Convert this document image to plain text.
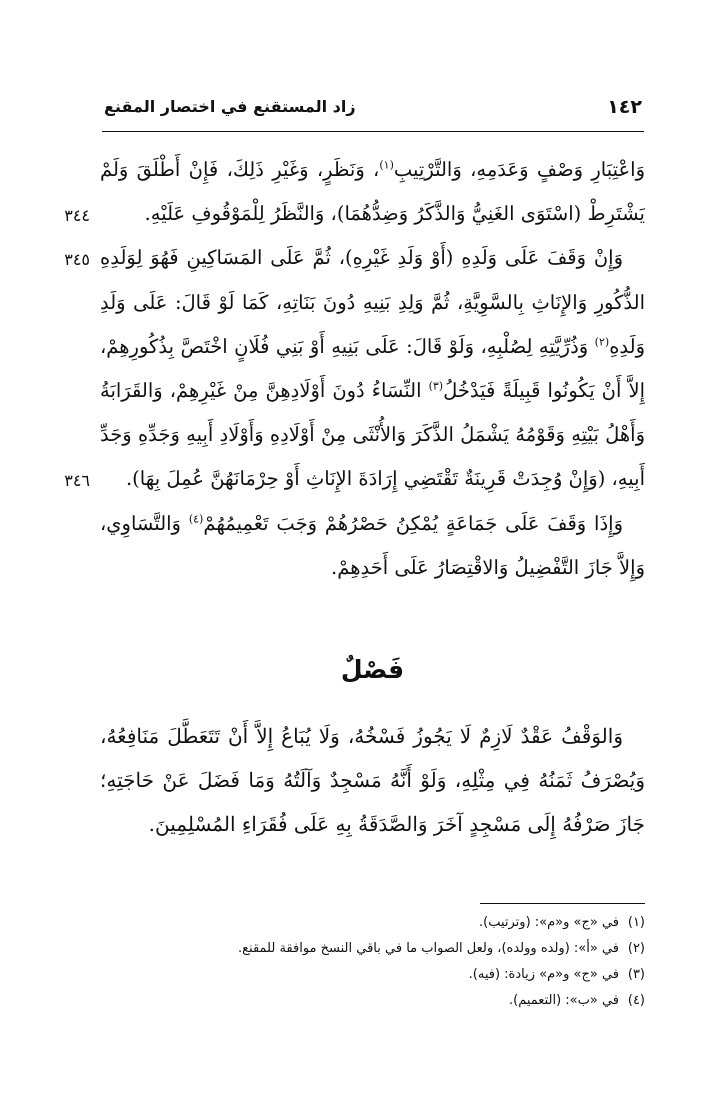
١٤٢
زاد المستقنع في اختصار المقنع
٣٤٤
٣٤٥
٣٤٦

وَاعْتِبَارِ وَصْفٍ وَعَدَمِهِ، وَالتَّرْتِيبِ$^{(١)}$، وَنَظَرٍ، وَغَيْرِ ذَلِكَ، فَإِنْ أَطْلَقَ وَلَمْ يَشْتَرِطْ (اسْتَوَى الغَنِيُّ وَالذَّكَرُ وَضِدُّهُمَا)، وَالنَّظَرُ لِلْمَوْقُوفِ عَلَيْهِ.

وَإِنْ وَقَفَ عَلَى وَلَدِهِ (أَوْ وَلَدِ غَيْرِهِ)، ثُمَّ عَلَى المَسَاكِينِ فَهُوَ لِوَلَدِهِ الذُّكُورِ وَالإِنَاثِ بِالسَّوِيَّةِ، ثُمَّ وَلِدِ بَنِيهِ دُونَ بَنَاتِهِ، كَمَا لَوْ قَالَ: عَلَى وَلَدِ وَلَدِهِ$^{(٢)}$ وَذُرِّيَّتِهِ لِصُلْبِهِ، وَلَوْ قَالَ: عَلَى بَنِيهِ أَوْ بَنِي فُلَانٍ اخْتَصَّ بِذُكُورِهِمْ، إِلاَّ أَنْ يَكُونُوا قَبِيلَةً فَيَدْخُلُ$^{(٣)}$ النِّسَاءُ دُونَ أَوْلَادِهِنَّ مِنْ غَيْرِهِمْ، وَالقَرَابَةُ وَأَهْلُ بَيْتِهِ وَقَوْمُهُ يَشْمَلُ الذَّكَرَ وَالأُنْثَى مِنْ أَوْلَادِهِ وَأَوْلَادِ أَبِيهِ وَجَدِّهِ وَجَدِّ أَبِيهِ، (وَإِنْ وُجِدَتْ قَرِينَةٌ تَقْتَضِي إِرَادَةَ الإِنَاثِ أَوْ حِرْمَانَهُنَّ عُمِلَ بِهَا).

وَإِذَا وَقَفَ عَلَى جَمَاعَةٍ يُمْكِنُ حَصْرُهُمْ وَجَبَ تَعْمِيمُهُمْ$^{(٤)}$ وَالتَّسَاوِي، وَإِلاَّ جَازَ التَّفْضِيلُ وَالاقْتِصَارُ عَلَى أَحَدِهِمْ.

فَصْلٌ

وَالوَقْفُ عَقْدٌ لَازِمٌ لَا يَجُوزُ فَسْخُهُ، وَلَا يُبَاعُ إِلاَّ أَنْ تَتَعَطَّلَ مَنَافِعُهُ، وَيُصْرَفُ ثَمَنُهُ فِي مِثْلِهِ، وَلَوْ أَنَّهُ مَسْجِدٌ وَآلَتُهُ وَمَا فَضَلَ عَنْ حَاجَتِهِ؛ جَازَ صَرْفُهُ إِلَى مَسْجِدٍ آخَرَ وَالصَّدَقَةُ بِهِ عَلَى فُقَرَاءِ المُسْلِمِينَ.

(١)في «ج» و«م»: (وترتيب).
(٢)في «أ»: (ولده وولده)، ولعل الصواب ما في باقي النسخ موافقة للمقنع.
(٣)في «ج» و«م» زيادة: (فيه).
(٤)في «ب»: (التعميم).
